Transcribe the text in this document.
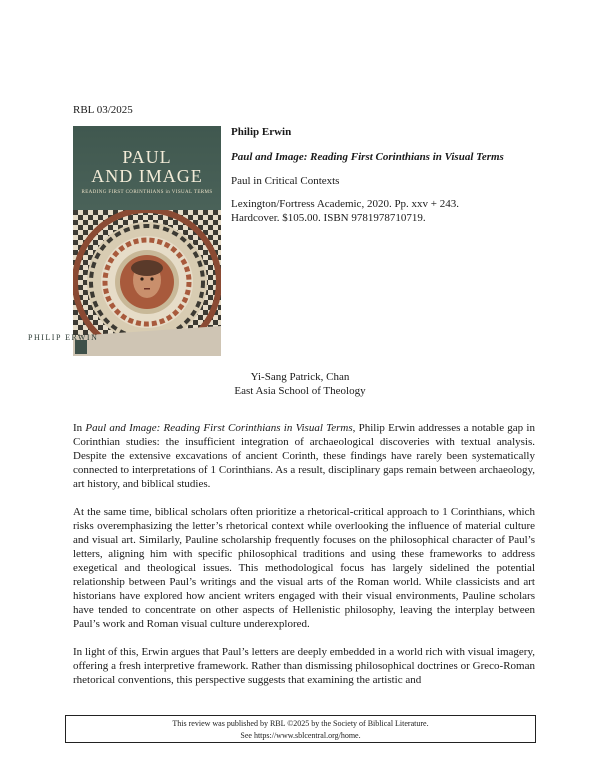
RBL 03/2025
PAUL
AND IMAGE
READING FIRST CORINTHIANS in VISUAL TERMS
PHILIP ERWIN

Philip Erwin

Paul and Image: Reading First Corinthians in Visual Terms

Paul in Critical Contexts

Lexington/Fortress Academic, 2020. Pp. xxv + 243.
Hardcover. $105.00. ISBN 9781978710719.

Yi-Sang Patrick, Chan
East Asia School of Theology

In Paul and Image: Reading First Corinthians in Visual Terms, Philip Erwin addresses a notable gap in Corinthian studies: the insufficient integration of archaeological discoveries with textual analysis. Despite the extensive excavations of ancient Corinth, these findings have rarely been systematically connected to interpretations of 1 Corinthians. As a result, disciplinary gaps remain between archaeology, art history, and biblical studies.

At the same time, biblical scholars often prioritize a rhetorical-critical approach to 1 Corinthians, which risks overemphasizing the letter’s rhetorical context while overlooking the influence of material culture and visual art. Similarly, Pauline scholarship frequently focuses on the philosophical character of Paul’s letters, aligning him with specific philosophical traditions and using these frameworks to address exegetical and theological issues. This methodological focus has largely sidelined the potential relationship between Paul’s writings and the visual arts of the Roman world. While classicists and art historians have explored how ancient writers engaged with their visual environments, Pauline scholars have tended to concentrate on other aspects of Hellenistic philosophy, leaving the interplay between Paul’s work and Roman visual culture underexplored.

In light of this, Erwin argues that Paul’s letters are deeply embedded in a world rich with visual imagery, offering a fresh interpretive framework. Rather than dismissing philosophical doctrines or Greco-Roman rhetorical conventions, this perspective suggests that examining the artistic and

This review was published by RBL ©2025 by the Society of Biblical Literature.
See https://www.sblcentral.org/home.
